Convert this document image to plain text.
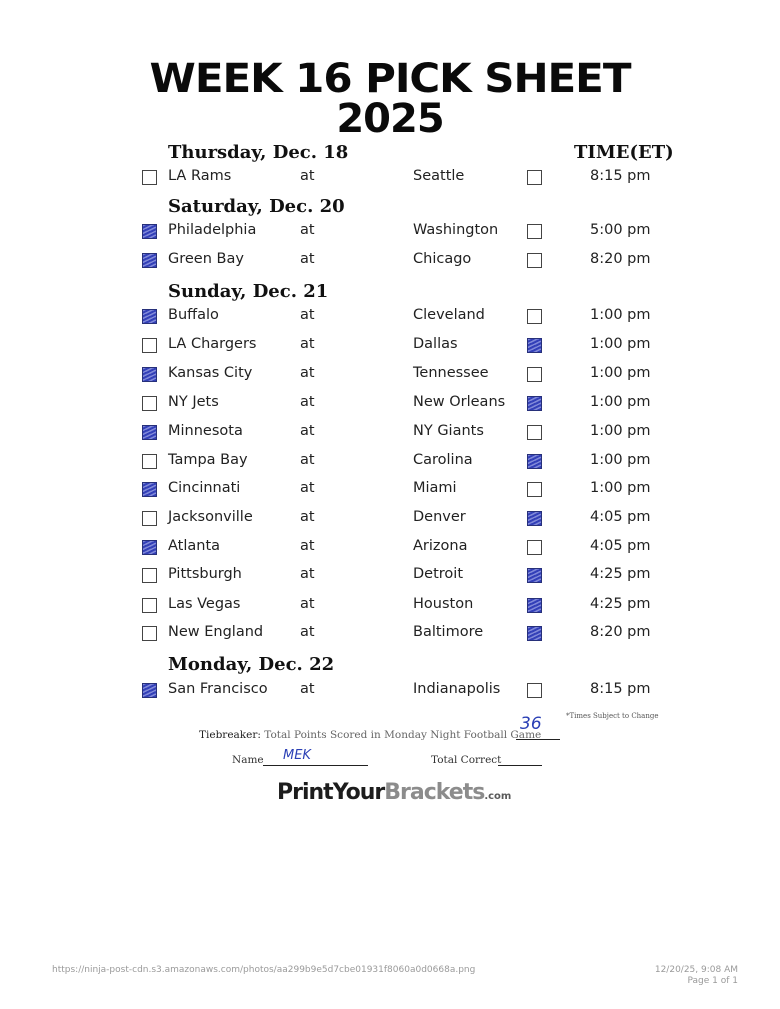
WEEK 16 PICK SHEET
2025
TIME(ET)
Thursday, Dec. 18
LA Rams	at	Seattle	8:15 pm
Saturday, Dec. 20
Philadelphia	at	Washington	5:00 pm
Green Bay	at	Chicago	8:20 pm
Sunday, Dec. 21
Buffalo	at	Cleveland	1:00 pm
LA Chargers	at	Dallas	1:00 pm
Kansas City	at	Tennessee	1:00 pm
NY Jets	at	New Orleans	1:00 pm
Minnesota	at	NY Giants	1:00 pm
Tampa Bay	at	Carolina	1:00 pm
Cincinnati	at	Miami	1:00 pm
Jacksonville	at	Denver	4:05 pm
Atlanta	at	Arizona	4:05 pm
Pittsburgh	at	Detroit	4:25 pm
Las Vegas	at	Houston	4:25 pm
New England	at	Baltimore	8:20 pm
Monday, Dec. 22
San Francisco at	Indianapolis	8:15 pm
*Times Subject to Change
Tiebreaker: Total Points Scored in Monday Night Football Game
36
Name MEK	Total Correct
PrintYourBrackets.com
https://ninja-post-cdn.s3.amazonaws.com/photos/aa299b9e5d7cbe01931f8060a0d0668a.png	12/20/25, 9:08 AM
Page 1 of 1
